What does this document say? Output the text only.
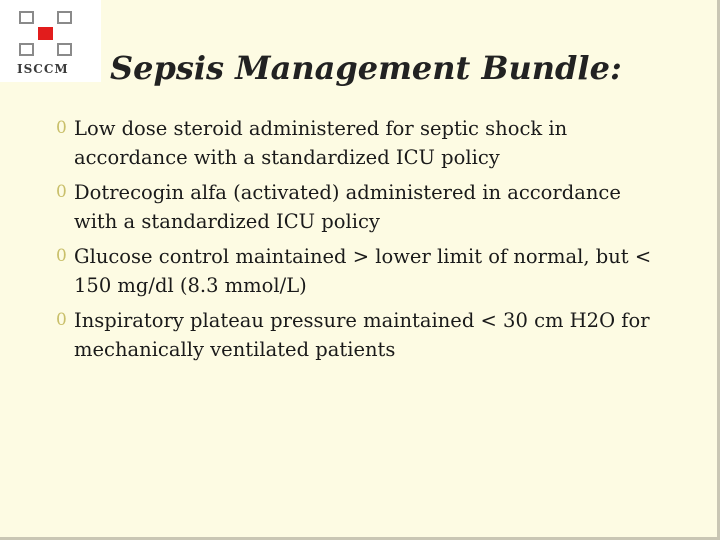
ISCCM Sepsis Management Bundle:
0 Low dose steroid administered for septic shock in accordance with a standardized ICU policy
0 Dotrecogin alfa (activated) administered in accordance with a standardized ICU policy
0 Glucose control maintained > lower limit of normal, but < 150 mg/dl (8.3 mmol/L)
0 Inspiratory plateau pressure maintained < 30 cm H2O for mechanically ventilated patients
